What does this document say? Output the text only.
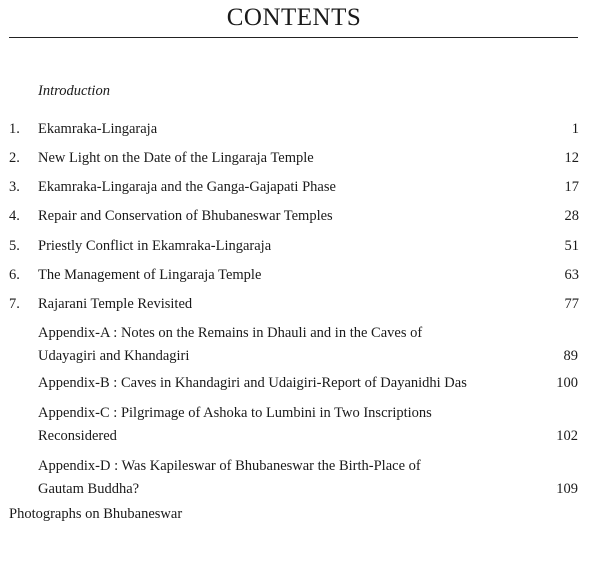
CONTENTS
Introduction
1. Ekamraka-Lingaraja	1
2. New Light on the Date of the Lingaraja Temple	12
3. Ekamraka-Lingaraja and the Ganga-Gajapati Phase	17
4. Repair and Conservation of Bhubaneswar Temples	28
5. Priestly Conflict in Ekamraka-Lingaraja	51
6. The Management of Lingaraja Temple	63
7. Rajarani Temple Revisited	77
Appendix-A : Notes on the Remains in Dhauli and in the Caves of
Udayagiri and Khandagiri	89
Appendix-B : Caves in Khandagiri and Udaigiri-Report of Dayanidhi Das	100
Appendix-C : Pilgrimage of Ashoka to Lumbini in Two Inscriptions
Reconsidered	102
Appendix-D : Was Kapileswar of Bhubaneswar the Birth-Place of
Gautam Buddha?	109
Photographs on Bhubaneswar
